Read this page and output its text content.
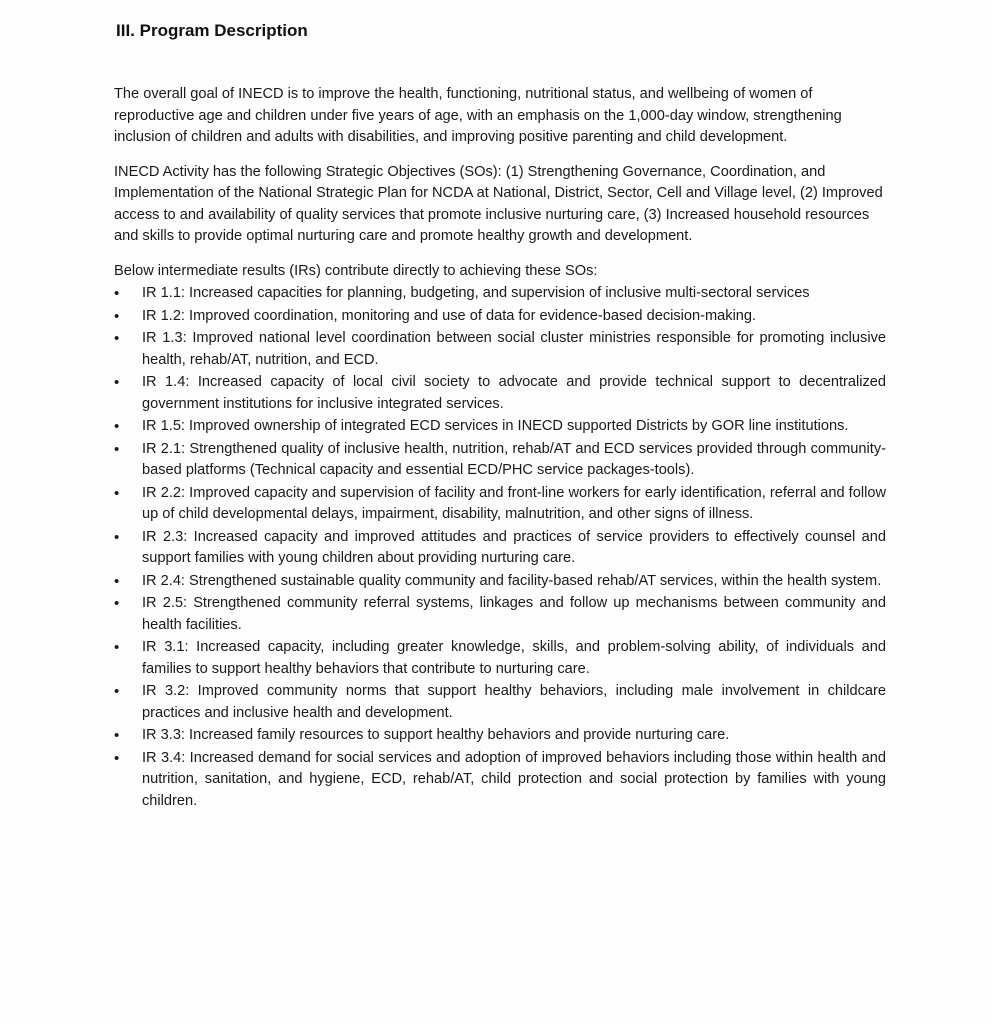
III. Program Description

The overall goal of INECD is to improve the health, functioning, nutritional status, and wellbeing of women of reproductive age and children under five years of age, with an emphasis on the 1,000-day window, strengthening inclusion of children and adults with disabilities, and improving positive parenting and child development.

INECD Activity has the following Strategic Objectives (SOs): (1) Strengthening Governance, Coordination, and Implementation of the National Strategic Plan for NCDA at National, District, Sector, Cell and Village level, (2) Improved access to and availability of quality services that promote inclusive nurturing care, (3) Increased household resources and skills to provide optimal nurturing care and promote healthy growth and development.

Below intermediate results (IRs) contribute directly to achieving these SOs:

• IR 1.1: Increased capacities for planning, budgeting, and supervision of inclusive multi-sectoral services
• IR 1.2: Improved coordination, monitoring and use of data for evidence-based decision-making.
• IR 1.3: Improved national level coordination between social cluster ministries responsible for promoting inclusive health, rehab/AT, nutrition, and ECD.
• IR 1.4: Increased capacity of local civil society to advocate and provide technical support to decentralized government institutions for inclusive integrated services.
• IR 1.5: Improved ownership of integrated ECD services in INECD supported Districts by GOR line institutions.
• IR 2.1: Strengthened quality of inclusive health, nutrition, rehab/AT and ECD services provided through community-based platforms (Technical capacity and essential ECD/PHC service packages-tools).
• IR 2.2: Improved capacity and supervision of facility and front-line workers for early identification, referral and follow up of child developmental delays, impairment, disability, malnutrition, and other signs of illness.
• IR 2.3: Increased capacity and improved attitudes and practices of service providers to effectively counsel and support families with young children about providing nurturing care.
• IR 2.4: Strengthened sustainable quality community and facility-based rehab/AT services, within the health system.
• IR 2.5: Strengthened community referral systems, linkages and follow up mechanisms between community and health facilities.
• IR 3.1: Increased capacity, including greater knowledge, skills, and problem-solving ability, of individuals and families to support healthy behaviors that contribute to nurturing care.
• IR 3.2: Improved community norms that support healthy behaviors, including male involvement in childcare practices and inclusive health and development.
• IR 3.3: Increased family resources to support healthy behaviors and provide nurturing care.
• IR 3.4: Increased demand for social services and adoption of improved behaviors including those within health and nutrition, sanitation, and hygiene, ECD, rehab/AT, child protection and social protection by families with young children.
